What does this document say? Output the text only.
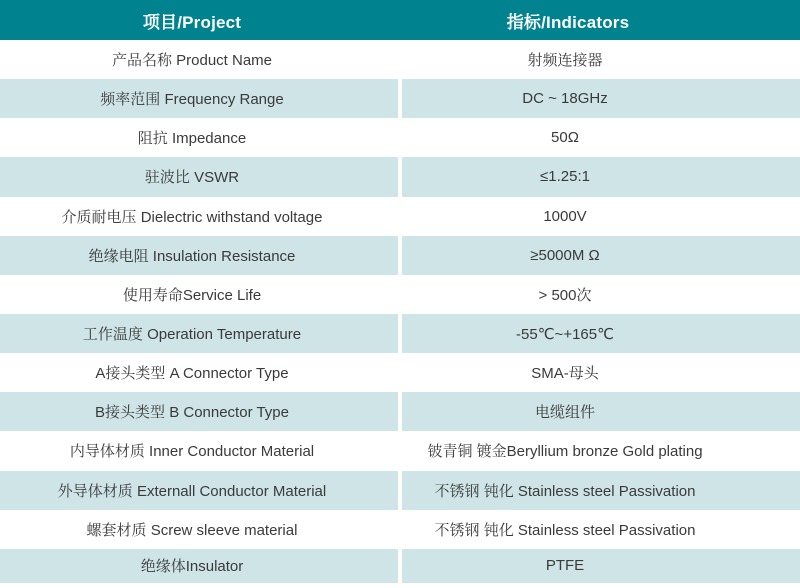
项目/Project	指标/Indicators
产品名称 Product Name	射频连接器
频率范围 Frequency Range	DC ~ 18GHz
阻抗 Impedance	50Ω
驻波比 VSWR	≤1.25:1
介质耐电压 Dielectric withstand voltage	1000V
绝缘电阻 Insulation Resistance	≥5000M Ω
使用寿命Service Life	> 500次
工作温度 Operation Temperature	-55℃~+165℃
A接头类型 A Connector Type	SMA-母头
B接头类型 B Connector Type	电缆组件
内导体材质 Inner Conductor Material	铍青铜 镀金Beryllium bronze Gold plating
外导体材质 Externall Conductor Material	不锈钢 钝化 Stainless steel Passivation
螺套材质 Screw sleeve material	不锈钢 钝化 Stainless steel Passivation
绝缘体Insulator	PTFE
